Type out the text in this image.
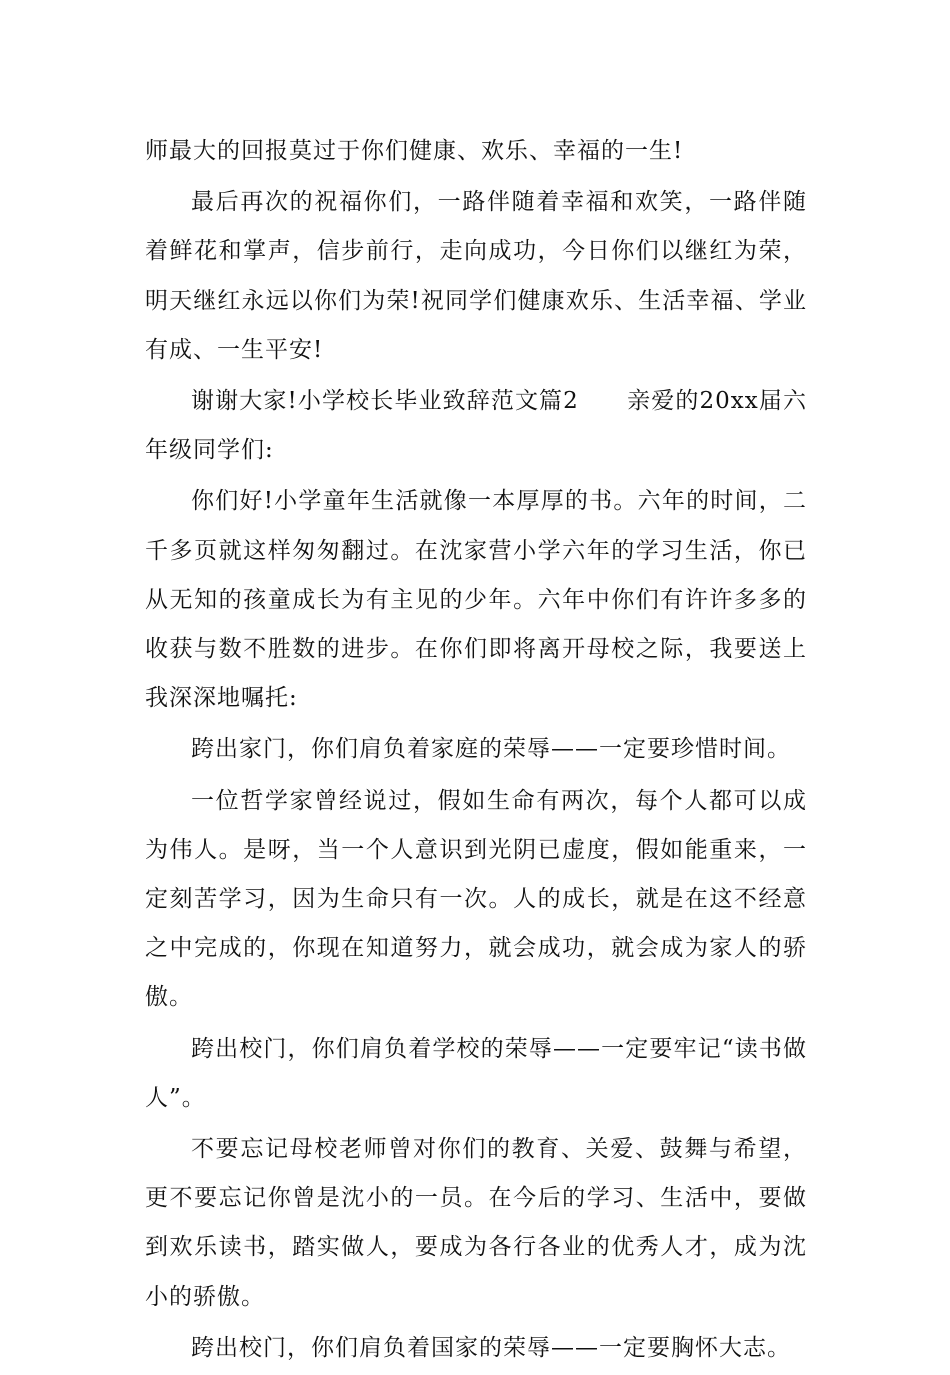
师最大的回报莫过于你们健康、欢乐、幸福的一生!

最后再次的祝福你们，一路伴随着幸福和欢笑，一路伴随着鲜花和掌声，信步前行，走向成功，今日你们以继红为荣，明天继红永远以你们为荣!祝同学们健康欢乐、生活幸福、学业有成、一生平安!

谢谢大家!小学校长毕业致辞范文篇2　　亲爱的20xx届六年级同学们:

你们好!小学童年生活就像一本厚厚的书。六年的时间，二千多页就这样匆匆翻过。在沈家营小学六年的学习生活，你已从无知的孩童成长为有主见的少年。六年中你们有许许多多的收获与数不胜数的进步。在你们即将离开母校之际，我要送上我深深地嘱托:

跨出家门，你们肩负着家庭的荣辱——一定要珍惜时间。

一位哲学家曾经说过，假如生命有两次，每个人都可以成为伟人。是呀，当一个人意识到光阴已虚度，假如能重来，一定刻苦学习，因为生命只有一次。人的成长，就是在这不经意之中完成的，你现在知道努力，就会成功，就会成为家人的骄傲。

跨出校门，你们肩负着学校的荣辱——一定要牢记“读书做人”。

不要忘记母校老师曾对你们的教育、关爱、鼓舞与希望，更不要忘记你曾是沈小的一员。在今后的学习、生活中，要做到欢乐读书，踏实做人，要成为各行各业的优秀人才，成为沈小的骄傲。

跨出校门，你们肩负着国家的荣辱——一定要胸怀大志。
